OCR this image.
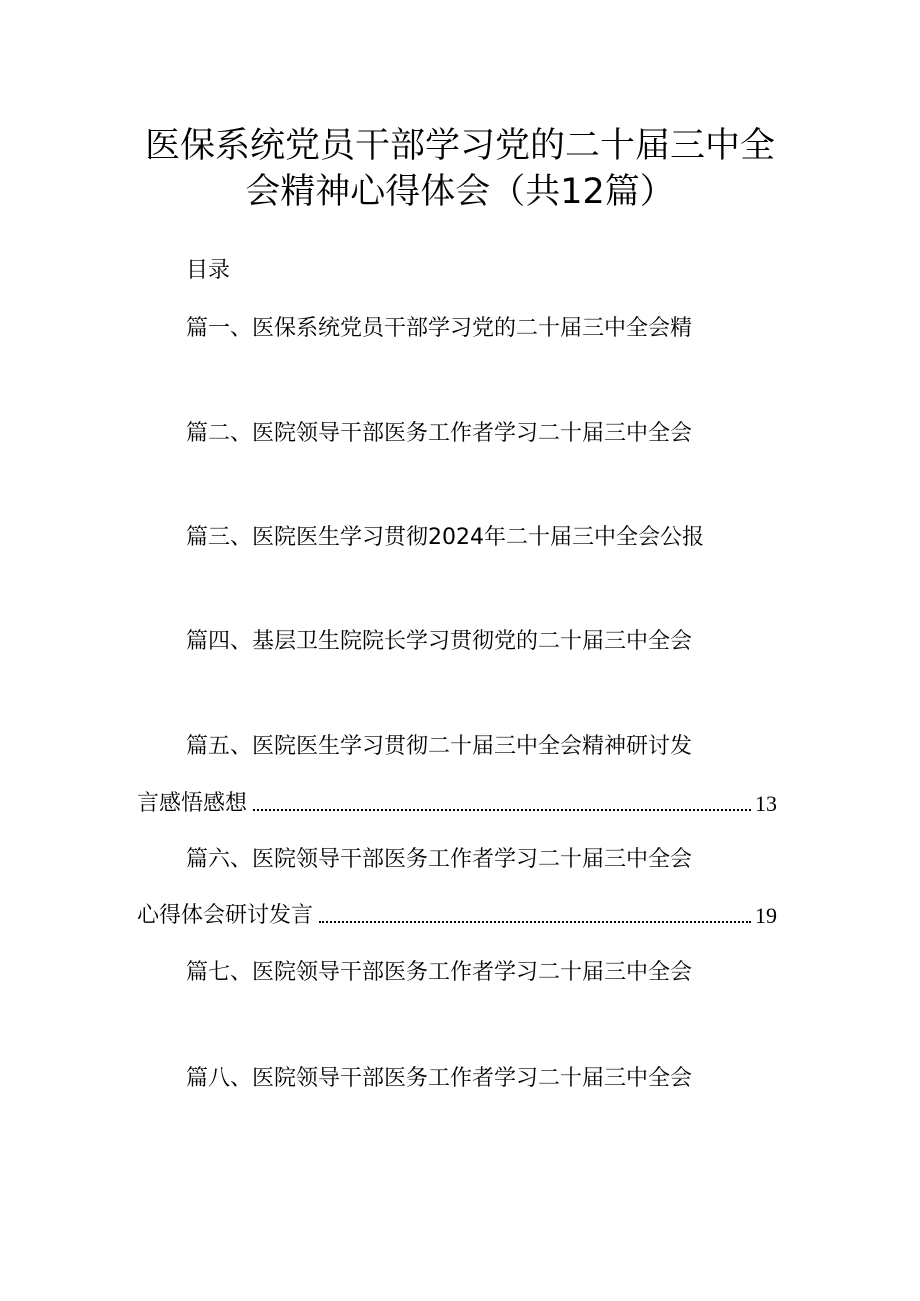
医保系统党员干部学习党的二十届三中全
会精神心得体会（共12篇）
目录
篇一、医保系统党员干部学习党的二十届三中全会精
篇二、医院领导干部医务工作者学习二十届三中全会
篇三、医院医生学习贯彻2024年二十届三中全会公报
篇四、基层卫生院院长学习贯彻党的二十届三中全会
篇五、医院医生学习贯彻二十届三中全会精神研讨发
言感悟感想	13
篇六、医院领导干部医务工作者学习二十届三中全会
心得体会研讨发言	19
篇七、医院领导干部医务工作者学习二十届三中全会
篇八、医院领导干部医务工作者学习二十届三中全会
